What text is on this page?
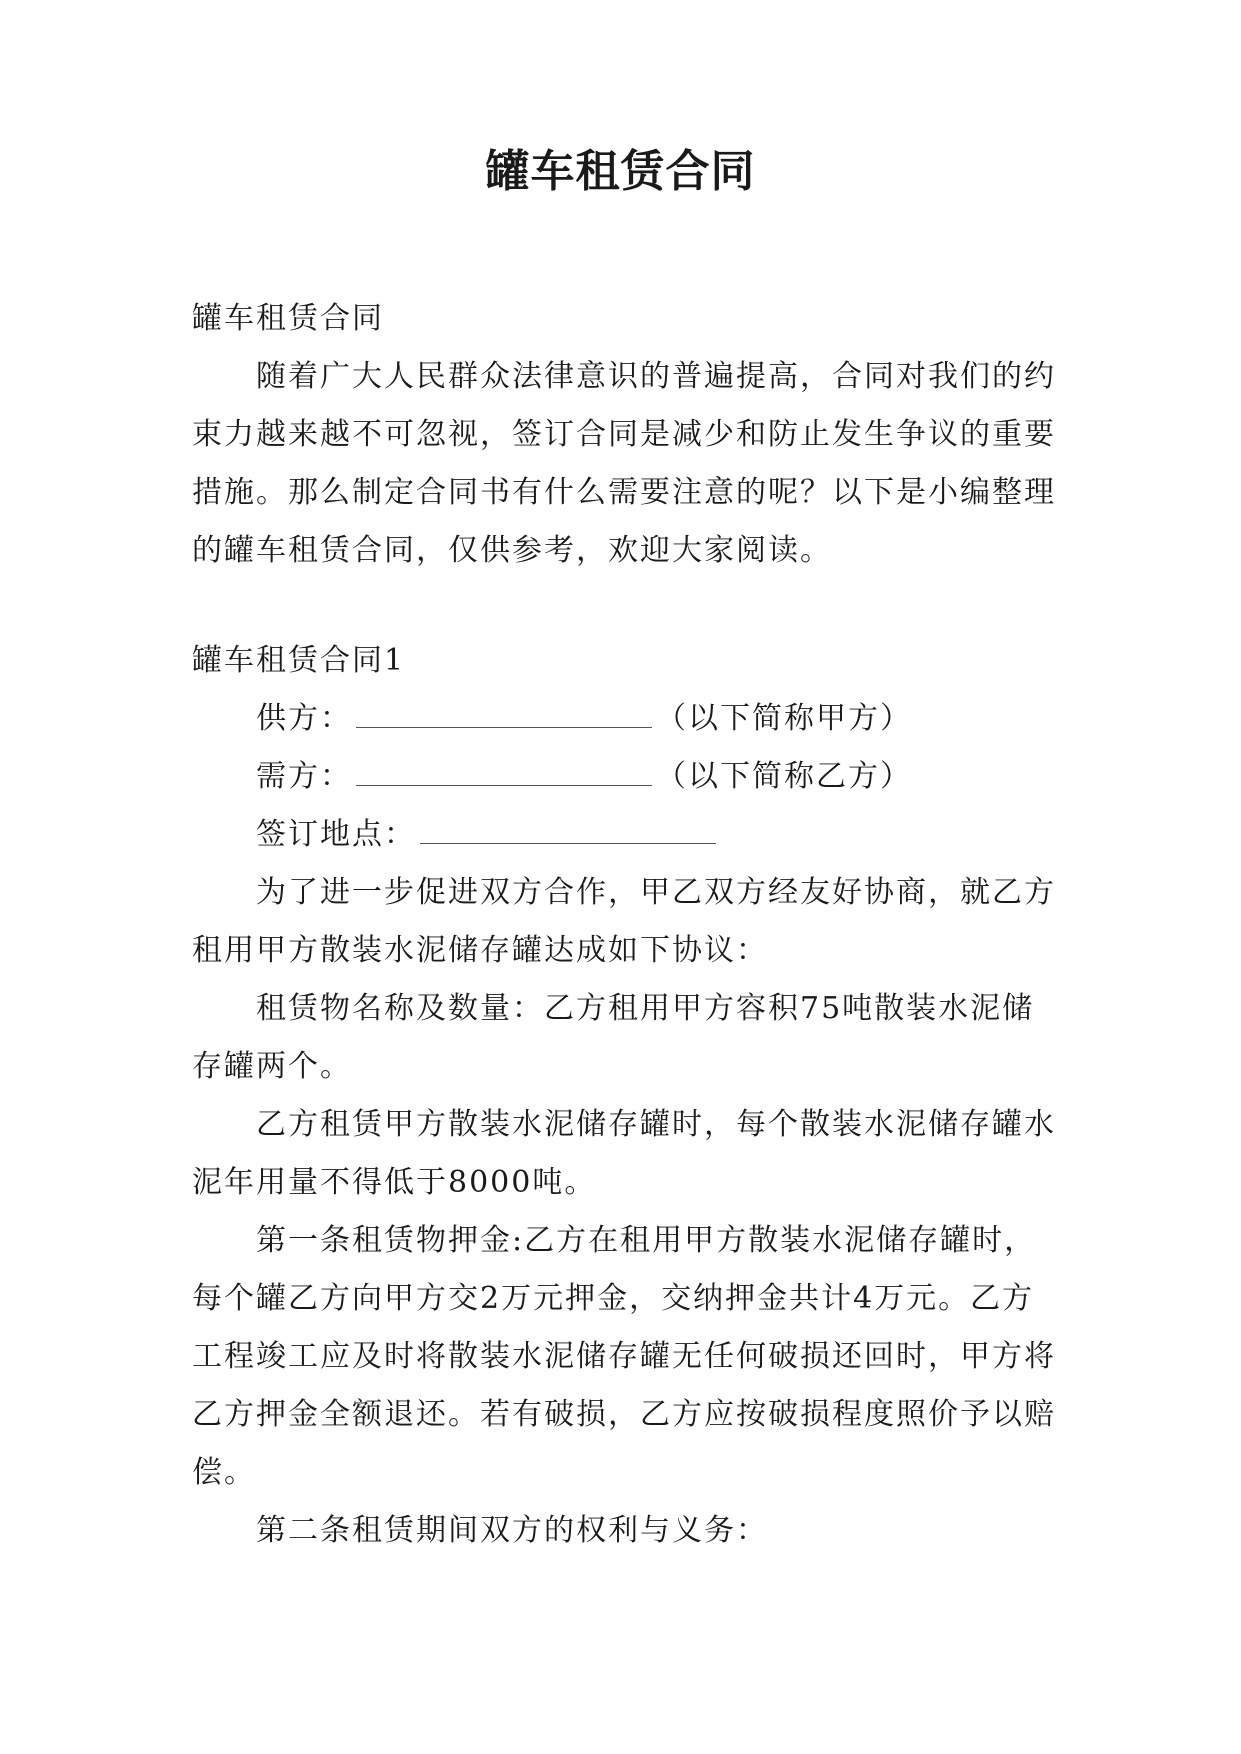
罐车租赁合同

罐车租赁合同

随着广大人民群众法律意识的普遍提高，合同对我们的约束力越来越不可忽视，签订合同是减少和防止发生争议的重要措施。那么制定合同书有什么需要注意的呢？以下是小编整理的罐车租赁合同，仅供参考，欢迎大家阅读。

罐车租赁合同1

供方：	（以下简称甲方）
需方：	（以下简称乙方）
签订地点：

为了进一步促进双方合作，甲乙双方经友好协商，就乙方租用甲方散装水泥储存罐达成如下协议：

租赁物名称及数量：乙方租用甲方容积75吨散装水泥储存罐两个。

乙方租赁甲方散装水泥储存罐时，每个散装水泥储存罐水泥年用量不得低于8000吨。

第一条租赁物押金:乙方在租用甲方散装水泥储存罐时，每个罐乙方向甲方交2万元押金，交纳押金共计4万元。乙方工程竣工应及时将散装水泥储存罐无任何破损还回时，甲方将乙方押金全额退还。若有破损，乙方应按破损程度照价予以赔偿。

第二条租赁期间双方的权利与义务：
